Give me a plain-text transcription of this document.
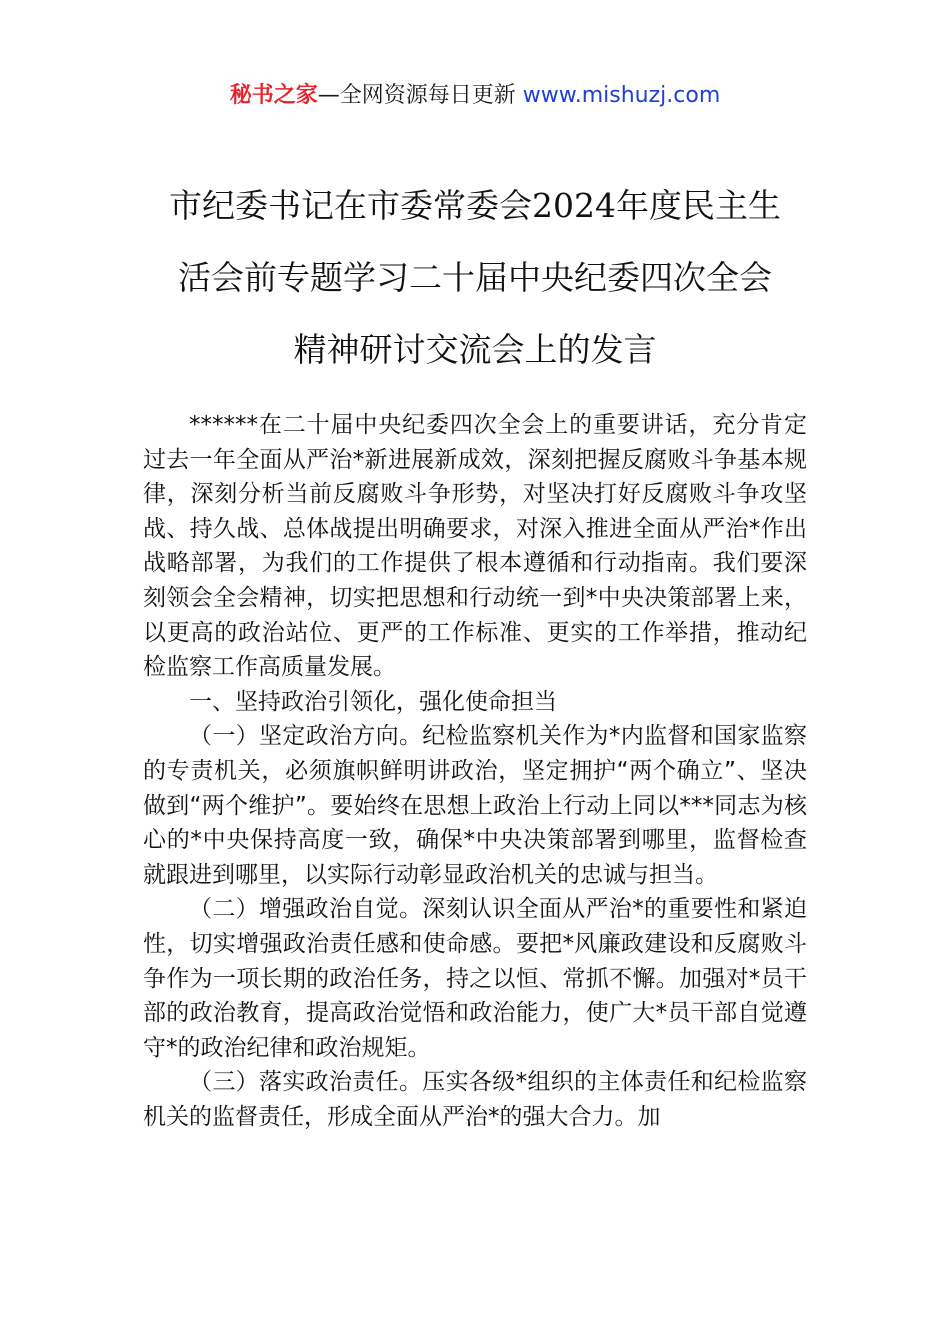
秘书之家—全网资源每日更新 www.mishuzj.com
市纪委书记在市委常委会2024年度民主生
活会前专题学习二十届中央纪委四次全会
精神研讨交流会上的发言

******在二十届中央纪委四次全会上的重要讲话，充分肯定过去一年全面从严治*新进展新成效，深刻把握反腐败斗争基本规律，深刻分析当前反腐败斗争形势，对坚决打好反腐败斗争攻坚战、持久战、总体战提出明确要求，对深入推进全面从严治*作出战略部署，为我们的工作提供了根本遵循和行动指南。我们要深刻领会全会精神，切实把思想和行动统一到*中央决策部署上来，以更高的政治站位、更严的工作标准、更实的工作举措，推动纪检监察工作高质量发展。

一、坚持政治引领化，强化使命担当

（一）坚定政治方向。纪检监察机关作为*内监督和国家监察的专责机关，必须旗帜鲜明讲政治，坚定拥护“两个确立”、坚决做到“两个维护”。要始终在思想上政治上行动上同以***同志为核心的*中央保持高度一致，确保*中央决策部署到哪里，监督检查就跟进到哪里，以实际行动彰显政治机关的忠诚与担当。

（二）增强政治自觉。深刻认识全面从严治*的重要性和紧迫性，切实增强政治责任感和使命感。要把*风廉政建设和反腐败斗争作为一项长期的政治任务，持之以恒、常抓不懈。加强对*员干部的政治教育，提高政治觉悟和政治能力，使广大*员干部自觉遵守*的政治纪律和政治规矩。

（三）落实政治责任。压实各级*组织的主体责任和纪检监察机关的监督责任，形成全面从严治*的强大合力。加
